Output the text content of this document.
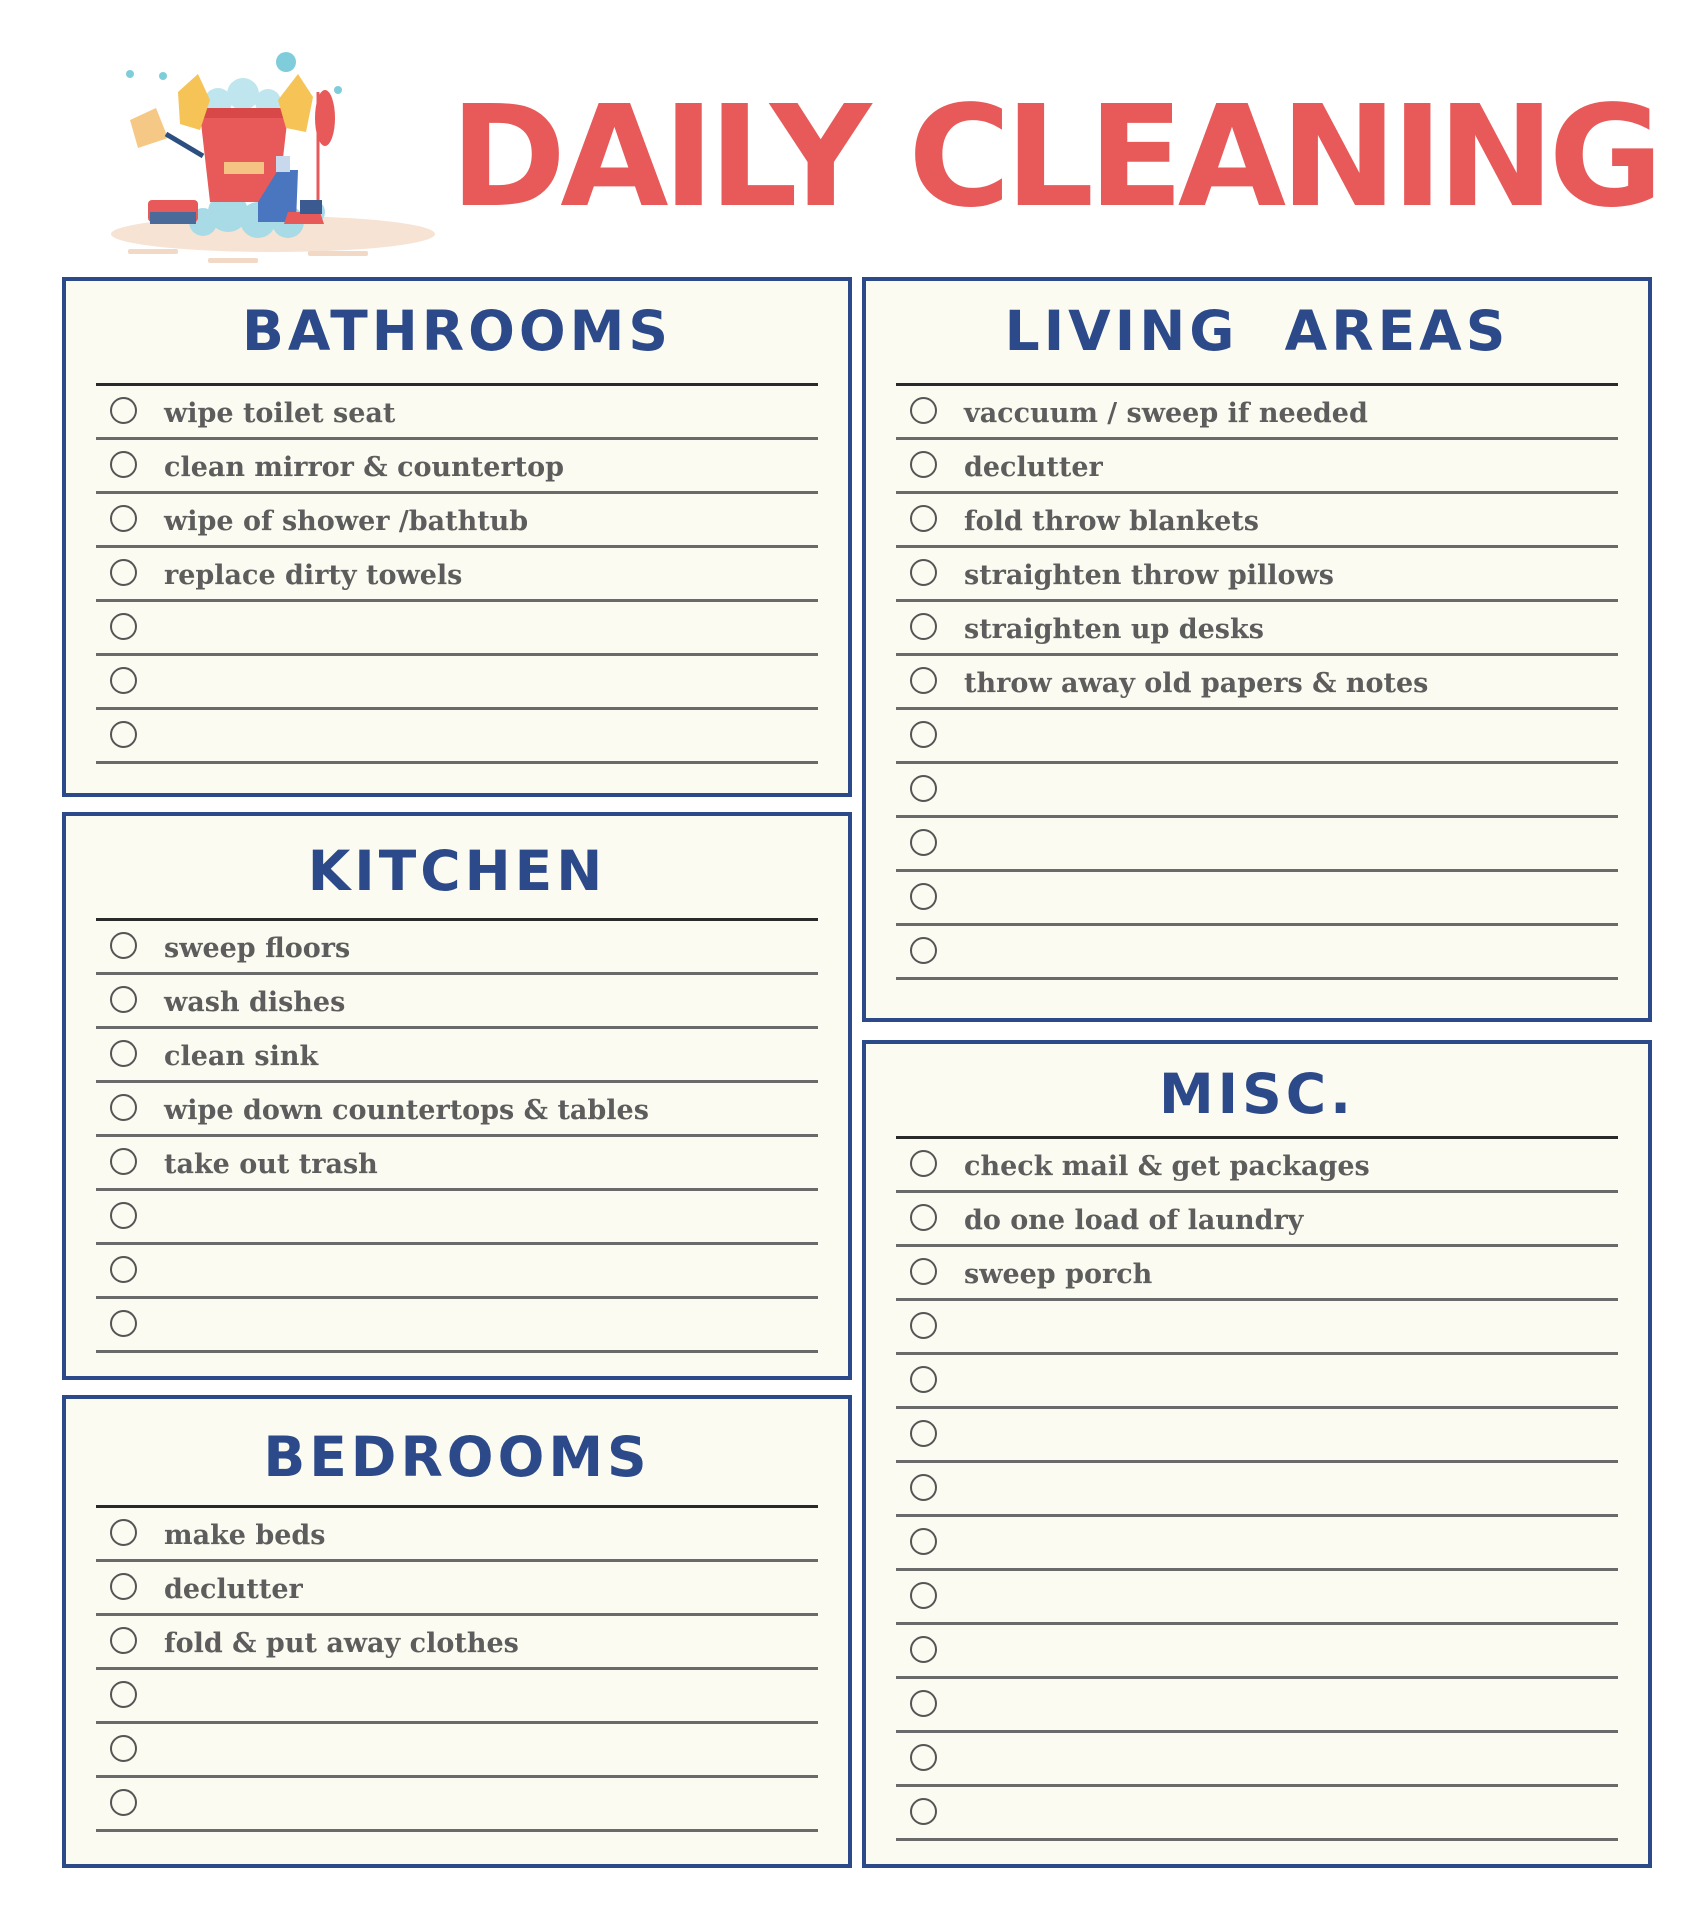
DAILY CLEANING
BATHROOMS
wipe toilet seat
clean mirror & countertop
wipe of shower /bathtub
replace dirty towels
KITCHEN
sweep floors
wash dishes
clean sink
wipe down countertops & tables
take out trash
BEDROOMS
make beds
declutter
fold & put away clothes
LIVING  AREAS
vaccuum / sweep if needed
declutter
fold throw blankets
straighten throw pillows
straighten up desks
throw away old papers & notes
MISC.
check mail & get packages
do one load of laundry
sweep porch
